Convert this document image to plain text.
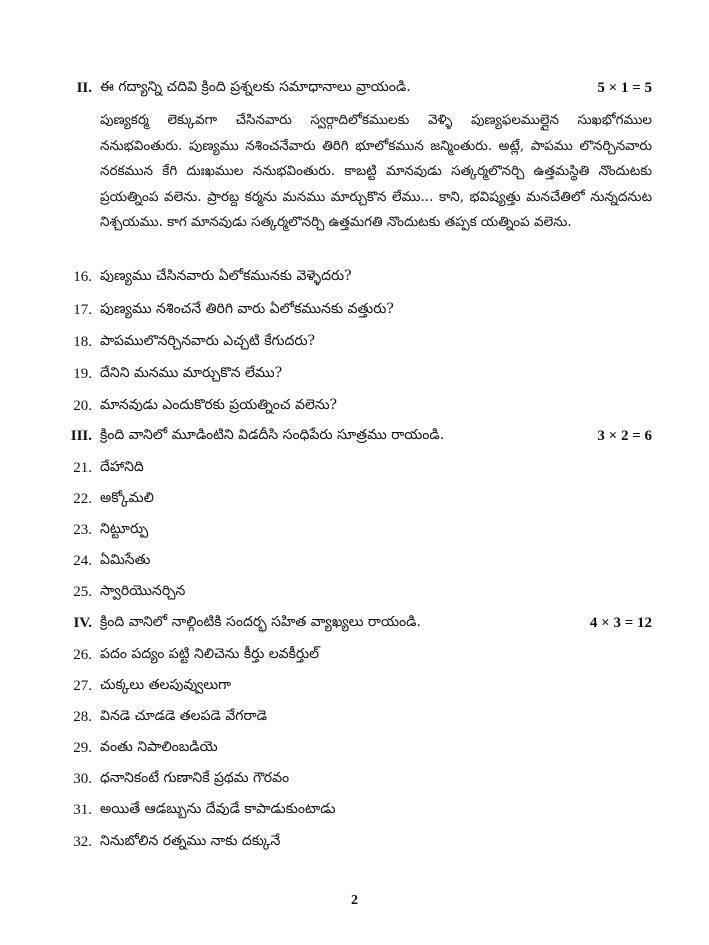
II. ఈ గద్యాన్ని చదివి క్రింది ప్రశ్నలకు సమాధానాలు వ్రాయండి.	5 × 1 = 5

పుణ్యకర్మ లెక్కువగా చేసినవారు స్వర్గాదిలోకములకు వెళ్ళి పుణ్యఫలముల్లైన సుఖభోగముల ననుభవింతురు. పుణ్యము నశించనేవారు తిరిగి భూలోకమున జన్మింతురు. అట్లే, పాపము లొనర్చినవారు నరకమున కేగి దుఃఖముల ననుభవింతురు. కాబట్టి మానవుడు సత్కర్మలొనర్చి ఉత్తమస్థితి నొందుటకు ప్రయత్నింప వలెను. ప్రారబ్ద కర్మను మనము మార్చుకొన లేము... కాని, భవిష్యత్తు మనచేతిలో నున్నదనుట నిశ్చయము. కాగ మానవుడు సత్కర్మలొనర్చి ఉత్తమగతి నొందుటకు తప్పక యత్నింప వలెను.

16. పుణ్యము చేసినవారు ఏలోకమునకు వెళ్ళెదరు?
17. పుణ్యము నశించనే తిరిగి వారు ఏలోకమునకు వత్తురు?
18. పాపములొనర్చినవారు ఎచ్చటి కేగుదరు?
19. దేనిని మనము మార్చుకొన లేము?
20. మానవుడు ఎందుకొరకు ప్రయత్నించ వలెను?
III. క్రింది వానిలో మూడింటిని విడదీసి సంధిపేరు సూత్రము రాయండి.	3 × 2 = 6
21. దేహానిది
22. అక్కోమలి
23. నిట్టూర్పు
24. ఏమిసేతు
25. స్వారియొనర్చిన
IV. క్రింది వానిలో నాల్గింటికి సందర్భ సహిత వ్యాఖ్యలు రాయండి.	4 × 3 = 12
26. పదం పద్యం పట్టి నిలిచెను కీర్తు లవకీర్తుల్
27. చుక్కలు తలపువ్వులుగా
28. వినడె చూడడె తలపడె వేగరాడె
29. వంతు నిపాలింబడియె
30. ధనానికంటే గుణానికే ప్రథమ గౌరవం
31. అయితే ఆడబ్బును దేవుడే కాపాడుకుంటాడు
32. నినుబోలిన రత్నము నాకు దక్కునే
2
